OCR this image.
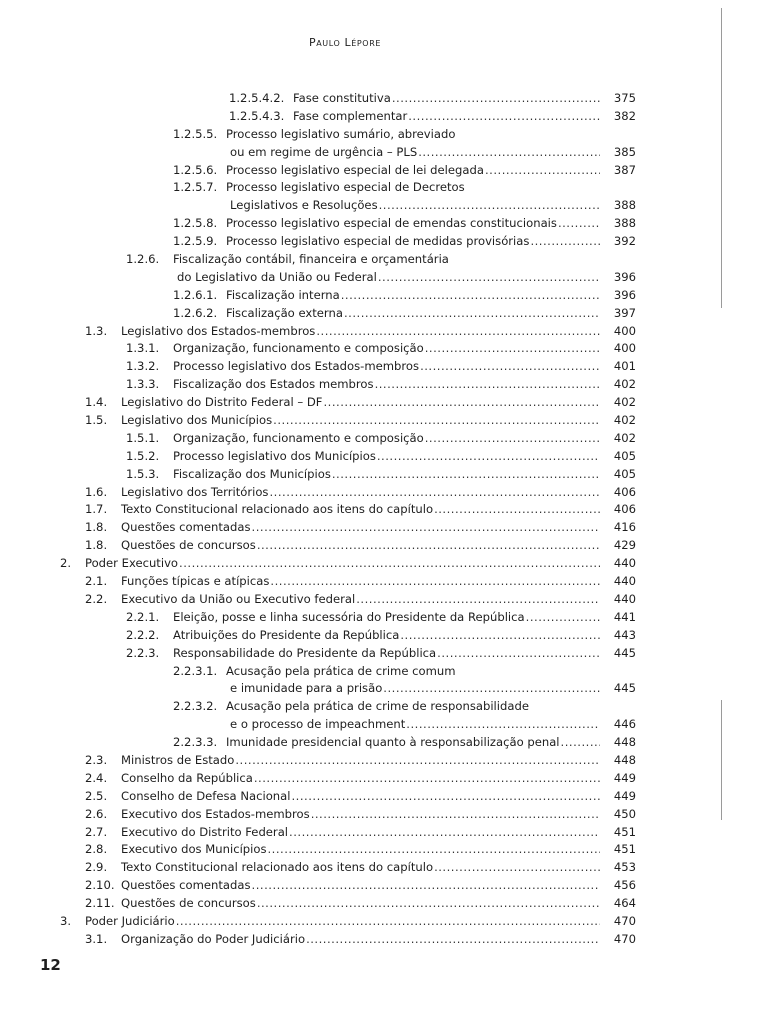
Paulo Lépore
1.2.5.4.2. Fase constitutiva .....	375
1.2.5.4.3. Fase complementar .....	382
1.2.5.5. Processo legislativo sumário, abreviado
ou em regime de urgência – PLS .....	385
1.2.5.6. Processo legislativo especial de lei delegada .....	387
1.2.5.7. Processo legislativo especial de Decretos
Legislativos e Resoluções .....	388
1.2.5.8. Processo legislativo especial de emendas constitucionais .....	388
1.2.5.9. Processo legislativo especial de medidas provisórias .....	392
1.2.6. Fiscalização contábil, financeira e orçamentária
do Legislativo da União ou Federal .....	396
1.2.6.1. Fiscalização interna .....	396
1.2.6.2. Fiscalização externa .....	397
1.3. Legislativo dos Estados-membros .....	400
1.3.1. Organização, funcionamento e composição .....	400
1.3.2. Processo legislativo dos Estados-membros .....	401
1.3.3. Fiscalização dos Estados membros .....	402
1.4. Legislativo do Distrito Federal – DF .....	402
1.5. Legislativo dos Municípios .....	402
1.5.1. Organização, funcionamento e composição .....	402
1.5.2. Processo legislativo dos Municípios .....	405
1.5.3. Fiscalização dos Municípios .....	405
1.6. Legislativo dos Territórios .....	406
1.7. Texto Constitucional relacionado aos itens do capítulo .....	406
1.8. Questões comentadas .....	416
1.8. Questões de concursos .....	429
2. Poder Executivo .....	440
2.1. Funções típicas e atípicas .....	440
2.2. Executivo da União ou Executivo federal .....	440
2.2.1. Eleição, posse e linha sucessória do Presidente da República .....	441
2.2.2. Atribuições do Presidente da República .....	443
2.2.3. Responsabilidade do Presidente da República .....	445
2.2.3.1. Acusação pela prática de crime comum
e imunidade para a prisão .....	445
2.2.3.2. Acusação pela prática de crime de responsabilidade
e o processo de impeachment .....	446
2.2.3.3. Imunidade presidencial quanto à responsabilização penal .....	448
2.3. Ministros de Estado .....	448
2.4. Conselho da República .....	449
2.5. Conselho de Defesa Nacional .....	449
2.6. Executivo dos Estados-membros .....	450
2.7. Executivo do Distrito Federal .....	451
2.8. Executivo dos Municípios .....	451
2.9. Texto Constitucional relacionado aos itens do capítulo .....	453
2.10. Questões comentadas .....	456
2.11. Questões de concursos .....	464
3. Poder Judiciário .....	470
3.1. Organização do Poder Judiciário .....	470
12
